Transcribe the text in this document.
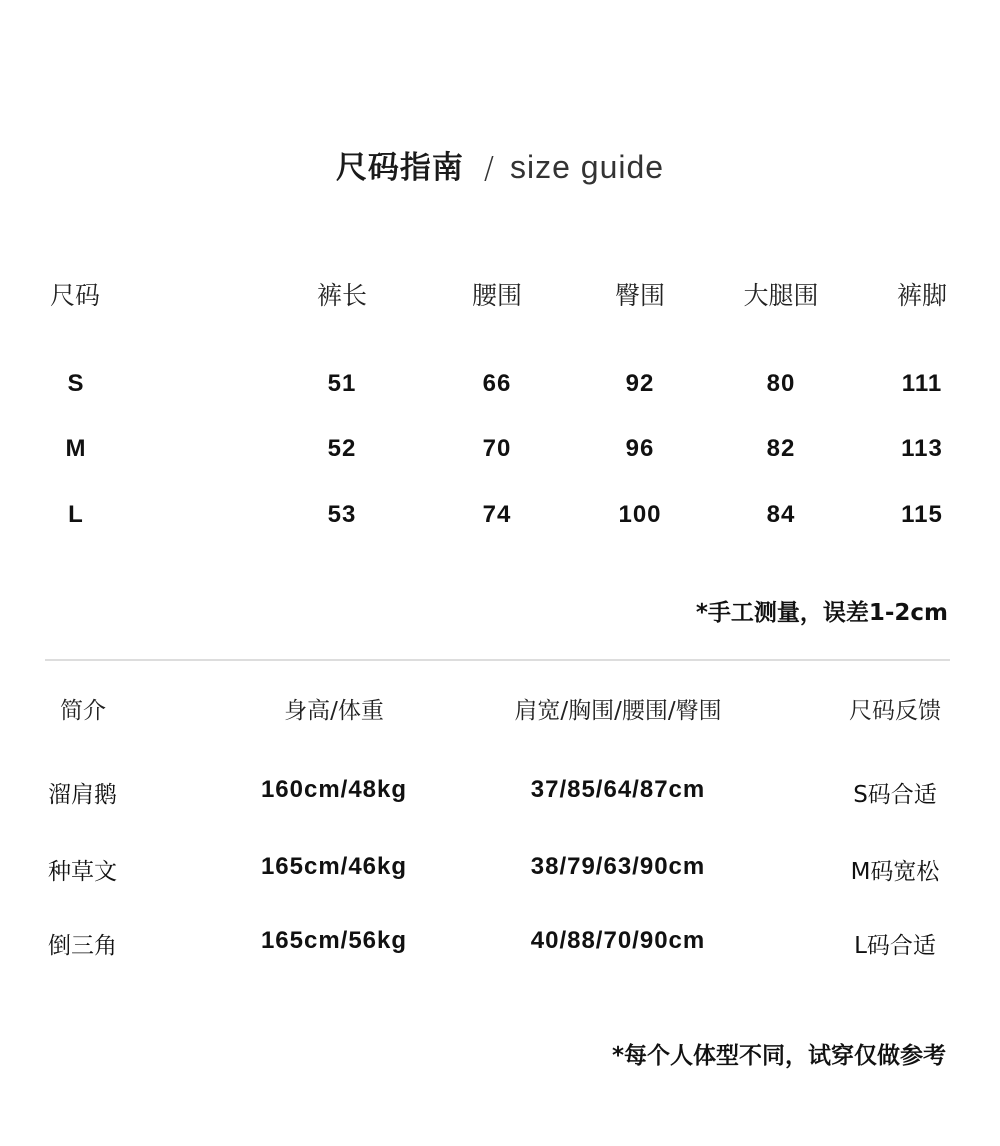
尺码指南 / size guide
尺码	裤长	腰围	臀围	大腿围	裤脚
S	51	66	92	80	111
M	52	70	96	82	113
L	53	74	100	84	115
*手工测量，误差1-2cm
简介	身高/体重	肩宽/胸围/腰围/臀围	尺码反馈
溜肩鹅	160cm/48kg	37/85/64/87cm	S码合适
种草文	165cm/46kg	38/79/63/90cm	M码宽松
倒三角	165cm/56kg	40/88/70/90cm	L码合适
*每个人体型不同，试穿仅做参考
